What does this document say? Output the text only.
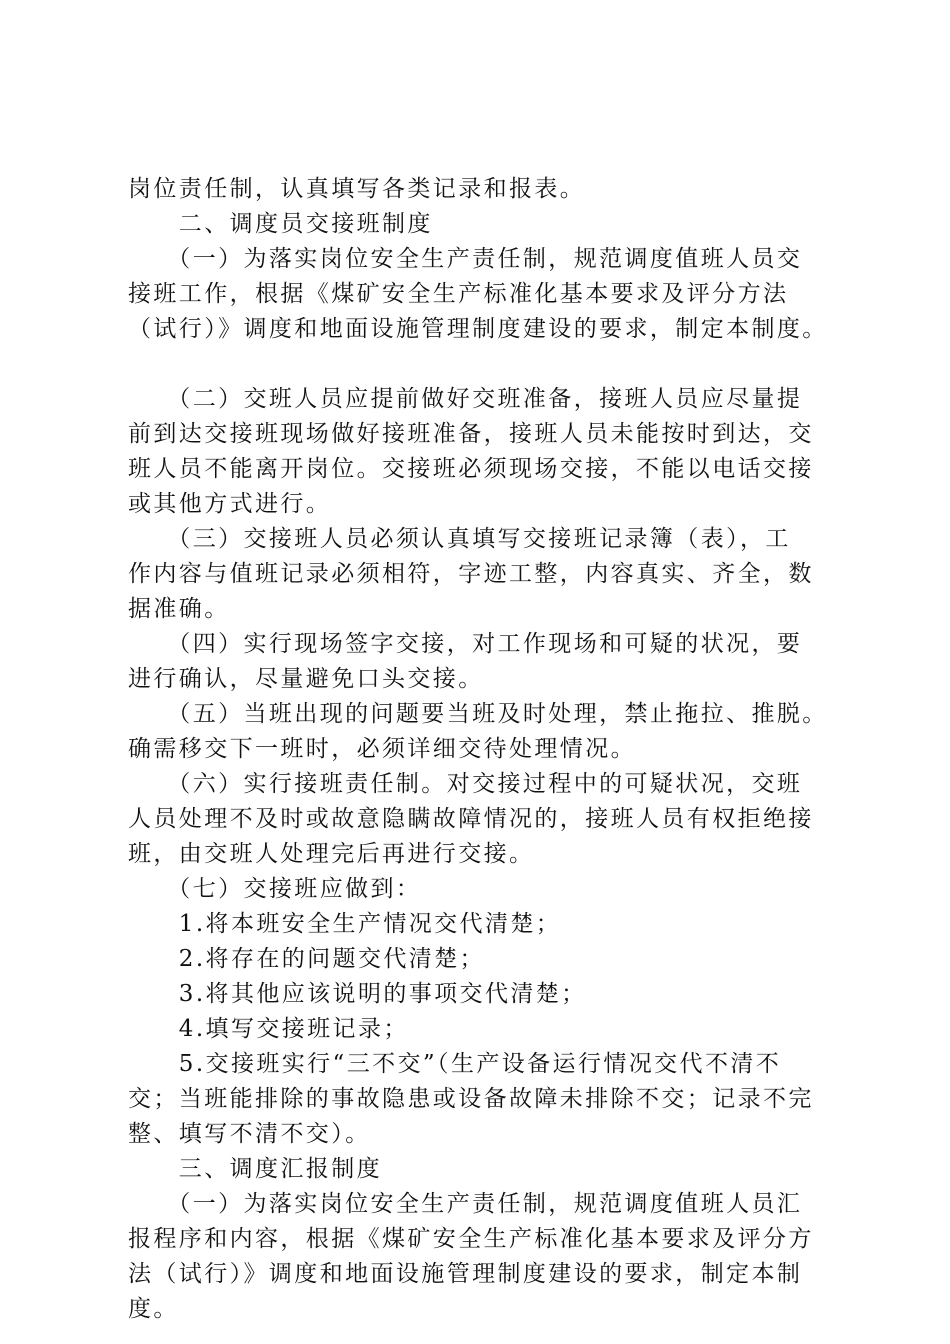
岗位责任制，认真填写各类记录和报表。
　　二、调度员交接班制度
　　（一）为落实岗位安全生产责任制，规范调度值班人员交
接班工作，根据《煤矿安全生产标准化基本要求及评分方法
（试行）》调度和地面设施管理制度建设的要求，制定本制度。
　　（二）交班人员应提前做好交班准备，接班人员应尽量提
前到达交接班现场做好接班准备，接班人员未能按时到达，交
班人员不能离开岗位。交接班必须现场交接，不能以电话交接
或其他方式进行。
　　（三）交接班人员必须认真填写交接班记录簿（表），工
作内容与值班记录必须相符，字迹工整，内容真实、齐全，数
据准确。
　　（四）实行现场签字交接，对工作现场和可疑的状况，要
进行确认，尽量避免口头交接。
　　（五）当班出现的问题要当班及时处理，禁止拖拉、推脱。
确需移交下一班时，必须详细交待处理情况。
　　（六）实行接班责任制。对交接过程中的可疑状况，交班
人员处理不及时或故意隐瞒故障情况的，接班人员有权拒绝接
班，由交班人处理完后再进行交接。
　　（七）交接班应做到：
　　1.将本班安全生产情况交代清楚；
　　2.将存在的问题交代清楚；
　　3.将其他应该说明的事项交代清楚；
　　4.填写交接班记录；
　　5.交接班实行“三不交”（生产设备运行情况交代不清不
交；当班能排除的事故隐患或设备故障未排除不交；记录不完
整、填写不清不交）。
　　三、调度汇报制度
　　（一）为落实岗位安全生产责任制，规范调度值班人员汇
报程序和内容，根据《煤矿安全生产标准化基本要求及评分方
法（试行）》调度和地面设施管理制度建设的要求，制定本制
度。
